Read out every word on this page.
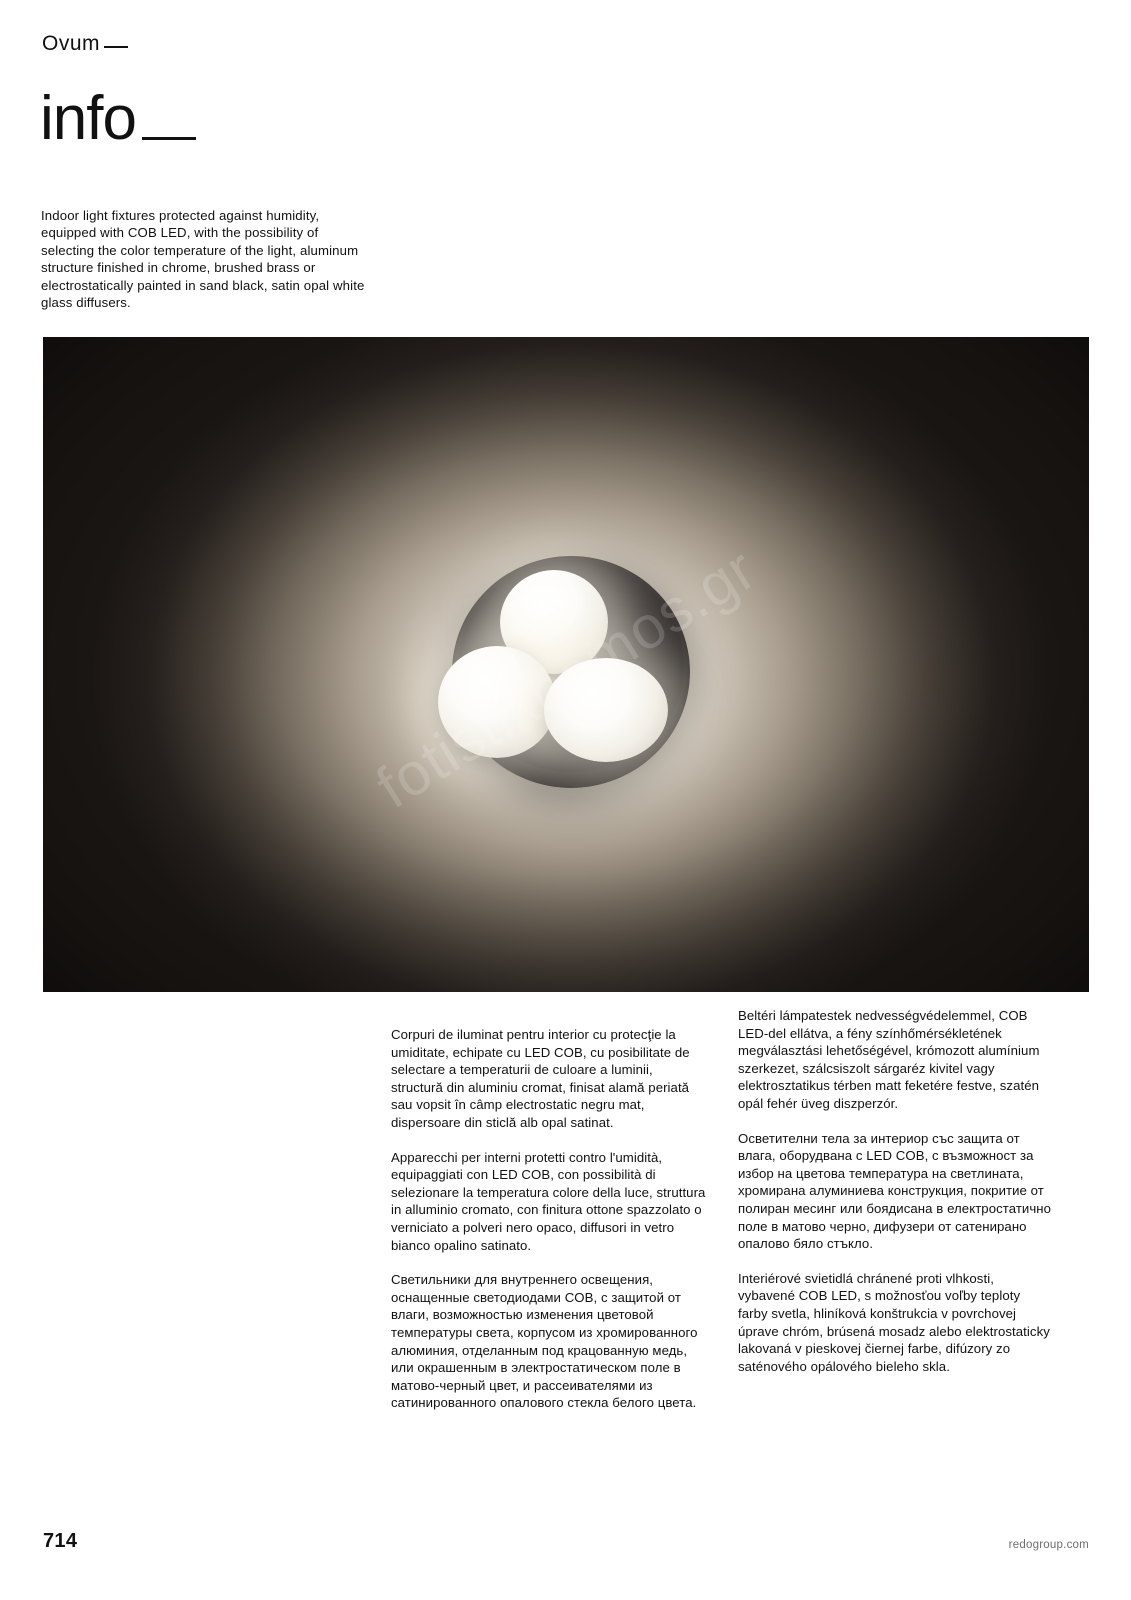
Ovum
info
Indoor light fixtures protected against humidity, equipped with COB LED, with the possibility of selecting the color temperature of the light, aluminum structure finished in chrome, brushed brass or electrostatically painted in sand black, satin opal white glass diffusers.

Corpuri de iluminat pentru interior cu protecţie la umiditate, echipate cu LED COB, cu posibilitate de selectare a temperaturii de culoare a luminii, structură din aluminiu cromat, finisat alamă periată sau vopsit în câmp electrostatic negru mat, dispersoare din sticlă alb opal satinat.

Apparecchi per interni protetti contro l'umidità, equipaggiati con LED COB, con possibilità di selezionare la temperatura colore della luce, struttura in alluminio cromato, con finitura ottone spazzolato o verniciato a polveri nero opaco, diffusori in vetro bianco opalino satinato.

Светильники для внутреннего освещения, оснащенные светодиодами COB, с защитой от влаги, возможностью изменения цветовой температуры света, корпусом из хромированного алюминия, отделанным под крацованную медь, или окрашенным в электростатическом поле в матово-черный цвет, и рассеивателями из сатинированного опалового стекла белого цвета.

Beltéri lámpatestek nedvességvédelemmel, COB LED-del ellátva, a fény színhőmérsékletének megválasztási lehetőségével, krómozott alumínium szerkezet, szálcsiszolt sárgaréz kivitel vagy elektrosztatikus térben matt feketére festve, szatén opál fehér üveg diszperzór.

Осветителни тела за интериор със защита от влага, оборудвана с LED COB, с възможност за избор на цветова температура на светлината, хромирана алуминиева конструкция, покритие от полиран месинг или боядисана в електростатично поле в матово черно, дифузери от сатенирано опалово бяло стъкло.

Interiérové svietidlá chránené proti vlhkosti, vybavené COB LED, s možnosťou voľby teploty farby svetla, hliníková konštrukcia v povrchovej úprave chróm, brúsená mosadz alebo elektrostaticky lakovaná v pieskovej čiernej farbe, difúzory zo saténového opálového bieleho skla.

714	redogroup.com
